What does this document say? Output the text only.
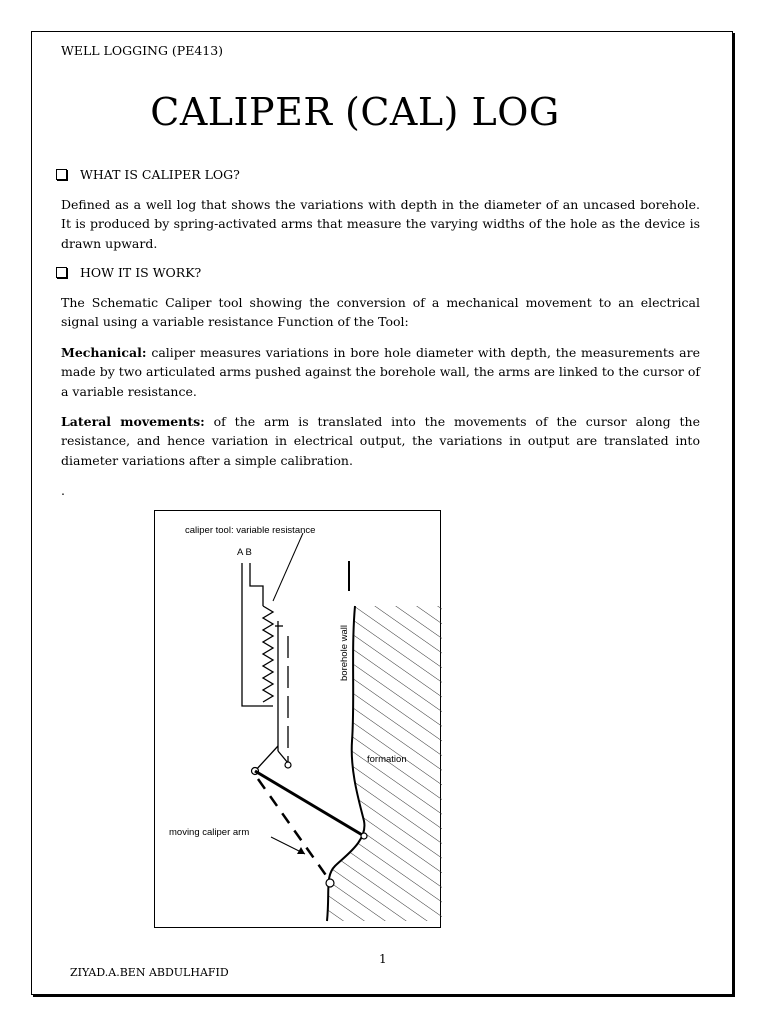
WELL LOGGING (PE413)
CALIPER (CAL) LOG
WHAT IS CALIPER LOG?
Defined as a well log that shows the variations with depth in the diameter of an uncased borehole. It is produced by spring-activated arms that measure the varying widths of the hole as the device is drawn upward.
HOW IT IS WORK?
The Schematic Caliper tool showing the conversion of a mechanical movement to an electrical signal using a variable resistance Function of the Tool:
Mechanical: caliper measures variations in bore hole diameter with depth, the measurements are made by two articulated arms pushed against the borehole wall, the arms are linked to the cursor of a variable resistance.
Lateral movements: of the arm is translated into the movements of the cursor along the resistance, and hence variation in electrical output, the variations in output are translated into diameter variations after a simple calibration.
.
caliper tool: variable resistance
A B
borehole wall
formation
moving caliper arm
1
ZIYAD.A.BEN ABDULHAFID
